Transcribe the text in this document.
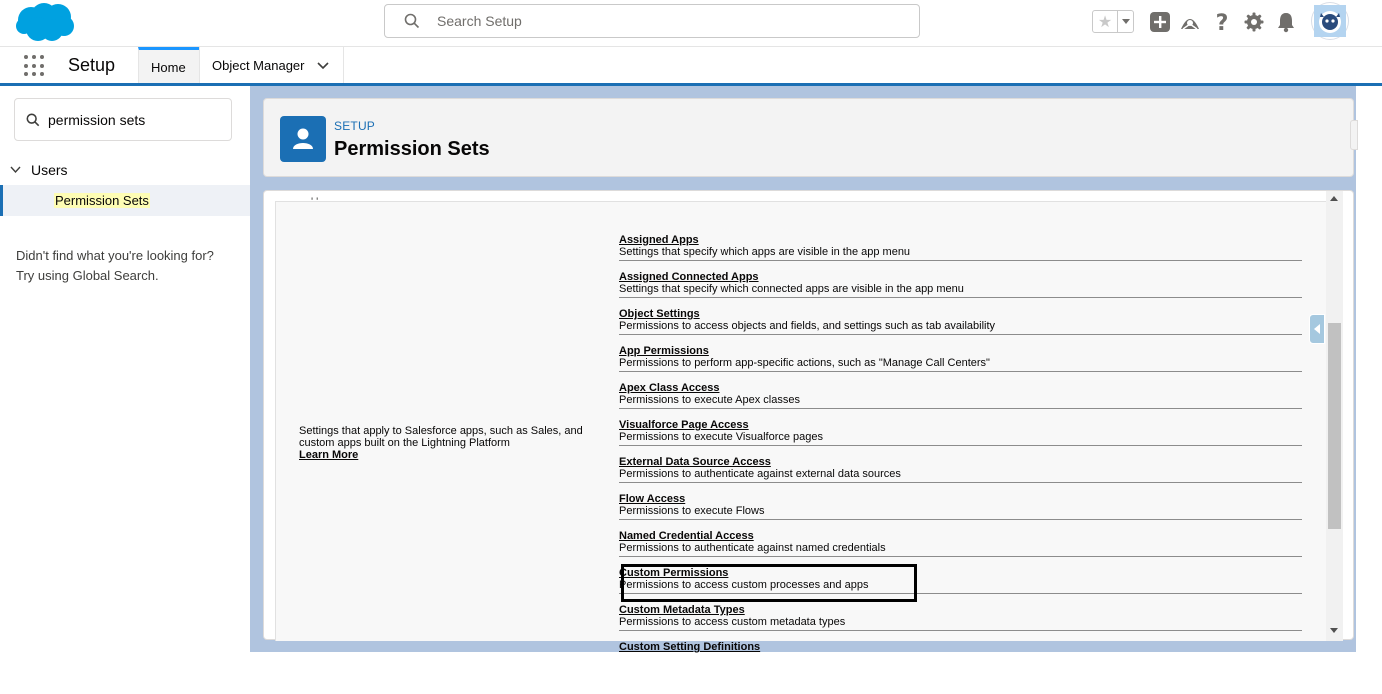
Search Setup
★	?
Setup	Home Object Manager
permission sets
Users
Permission Sets
Didn't find what you're looking for?
Try using Global Search.
SETUP
Permission Sets
' '
Settings that apply to Salesforce apps, such as Sales, and custom apps built on the Lightning Platform
Learn More
Assigned Apps
Settings that specify which apps are visible in the app menu
Assigned Connected Apps
Settings that specify which connected apps are visible in the app menu
Object Settings
Permissions to access objects and fields, and settings such as tab availability
App Permissions
Permissions to perform app-specific actions, such as "Manage Call Centers"
Apex Class Access
Permissions to execute Apex classes
Visualforce Page Access
Permissions to execute Visualforce pages
External Data Source Access
Permissions to authenticate against external data sources
Flow Access
Permissions to execute Flows
Named Credential Access
Permissions to authenticate against named credentials
Custom Permissions
Permissions to access custom processes and apps
Custom Metadata Types
Permissions to access custom metadata types
Custom Setting Definitions
